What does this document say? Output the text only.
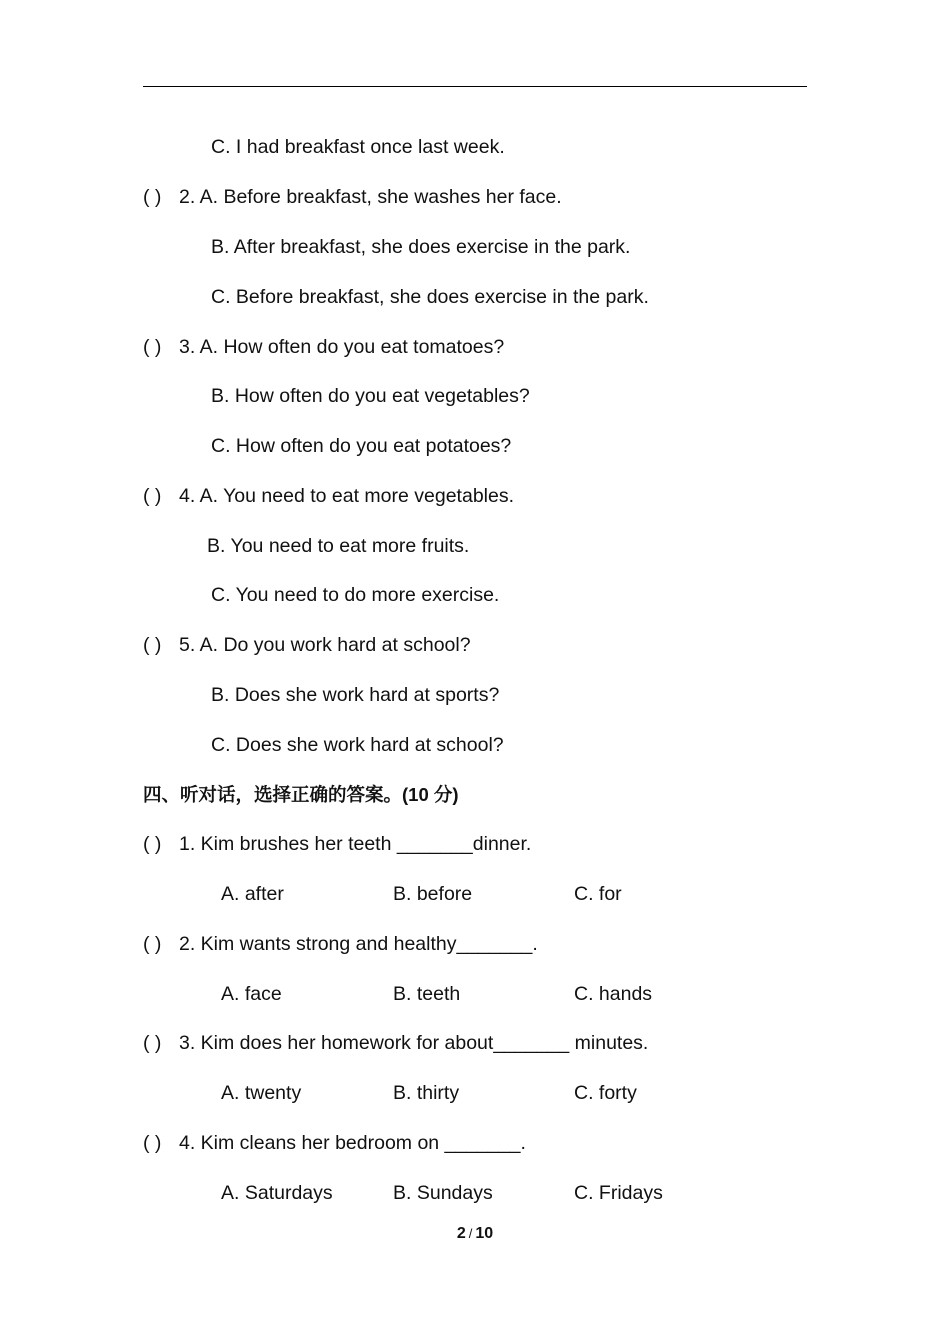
C. I had breakfast once last week.
( ) 2. A. Before breakfast, she washes her face.
B. After breakfast, she does exercise in the park.
C. Before breakfast, she does exercise in the park.
( ) 3. A. How often do you eat tomatoes?
B. How often do you eat vegetables?
C. How often do you eat potatoes?
( ) 4. A. You need to eat more vegetables.
B. You need to eat more fruits.
C. You need to do more exercise.
( ) 5. A. Do you work hard at school?
B. Does she work hard at sports?
C. Does she work hard at school?
四、听对话，选择正确的答案。(10 分)
( ) 1. Kim brushes her teeth _______dinner.
A. after	B. before	C. for
( ) 2. Kim wants strong and healthy_______.
A. face	B. teeth	C. hands
( ) 3. Kim does her homework for about_______ minutes.
A. twenty	B. thirty	C. forty
( ) 4. Kim cleans her bedroom on _______.
A. Saturdays	B. Sundays	C. Fridays
2 / 10
